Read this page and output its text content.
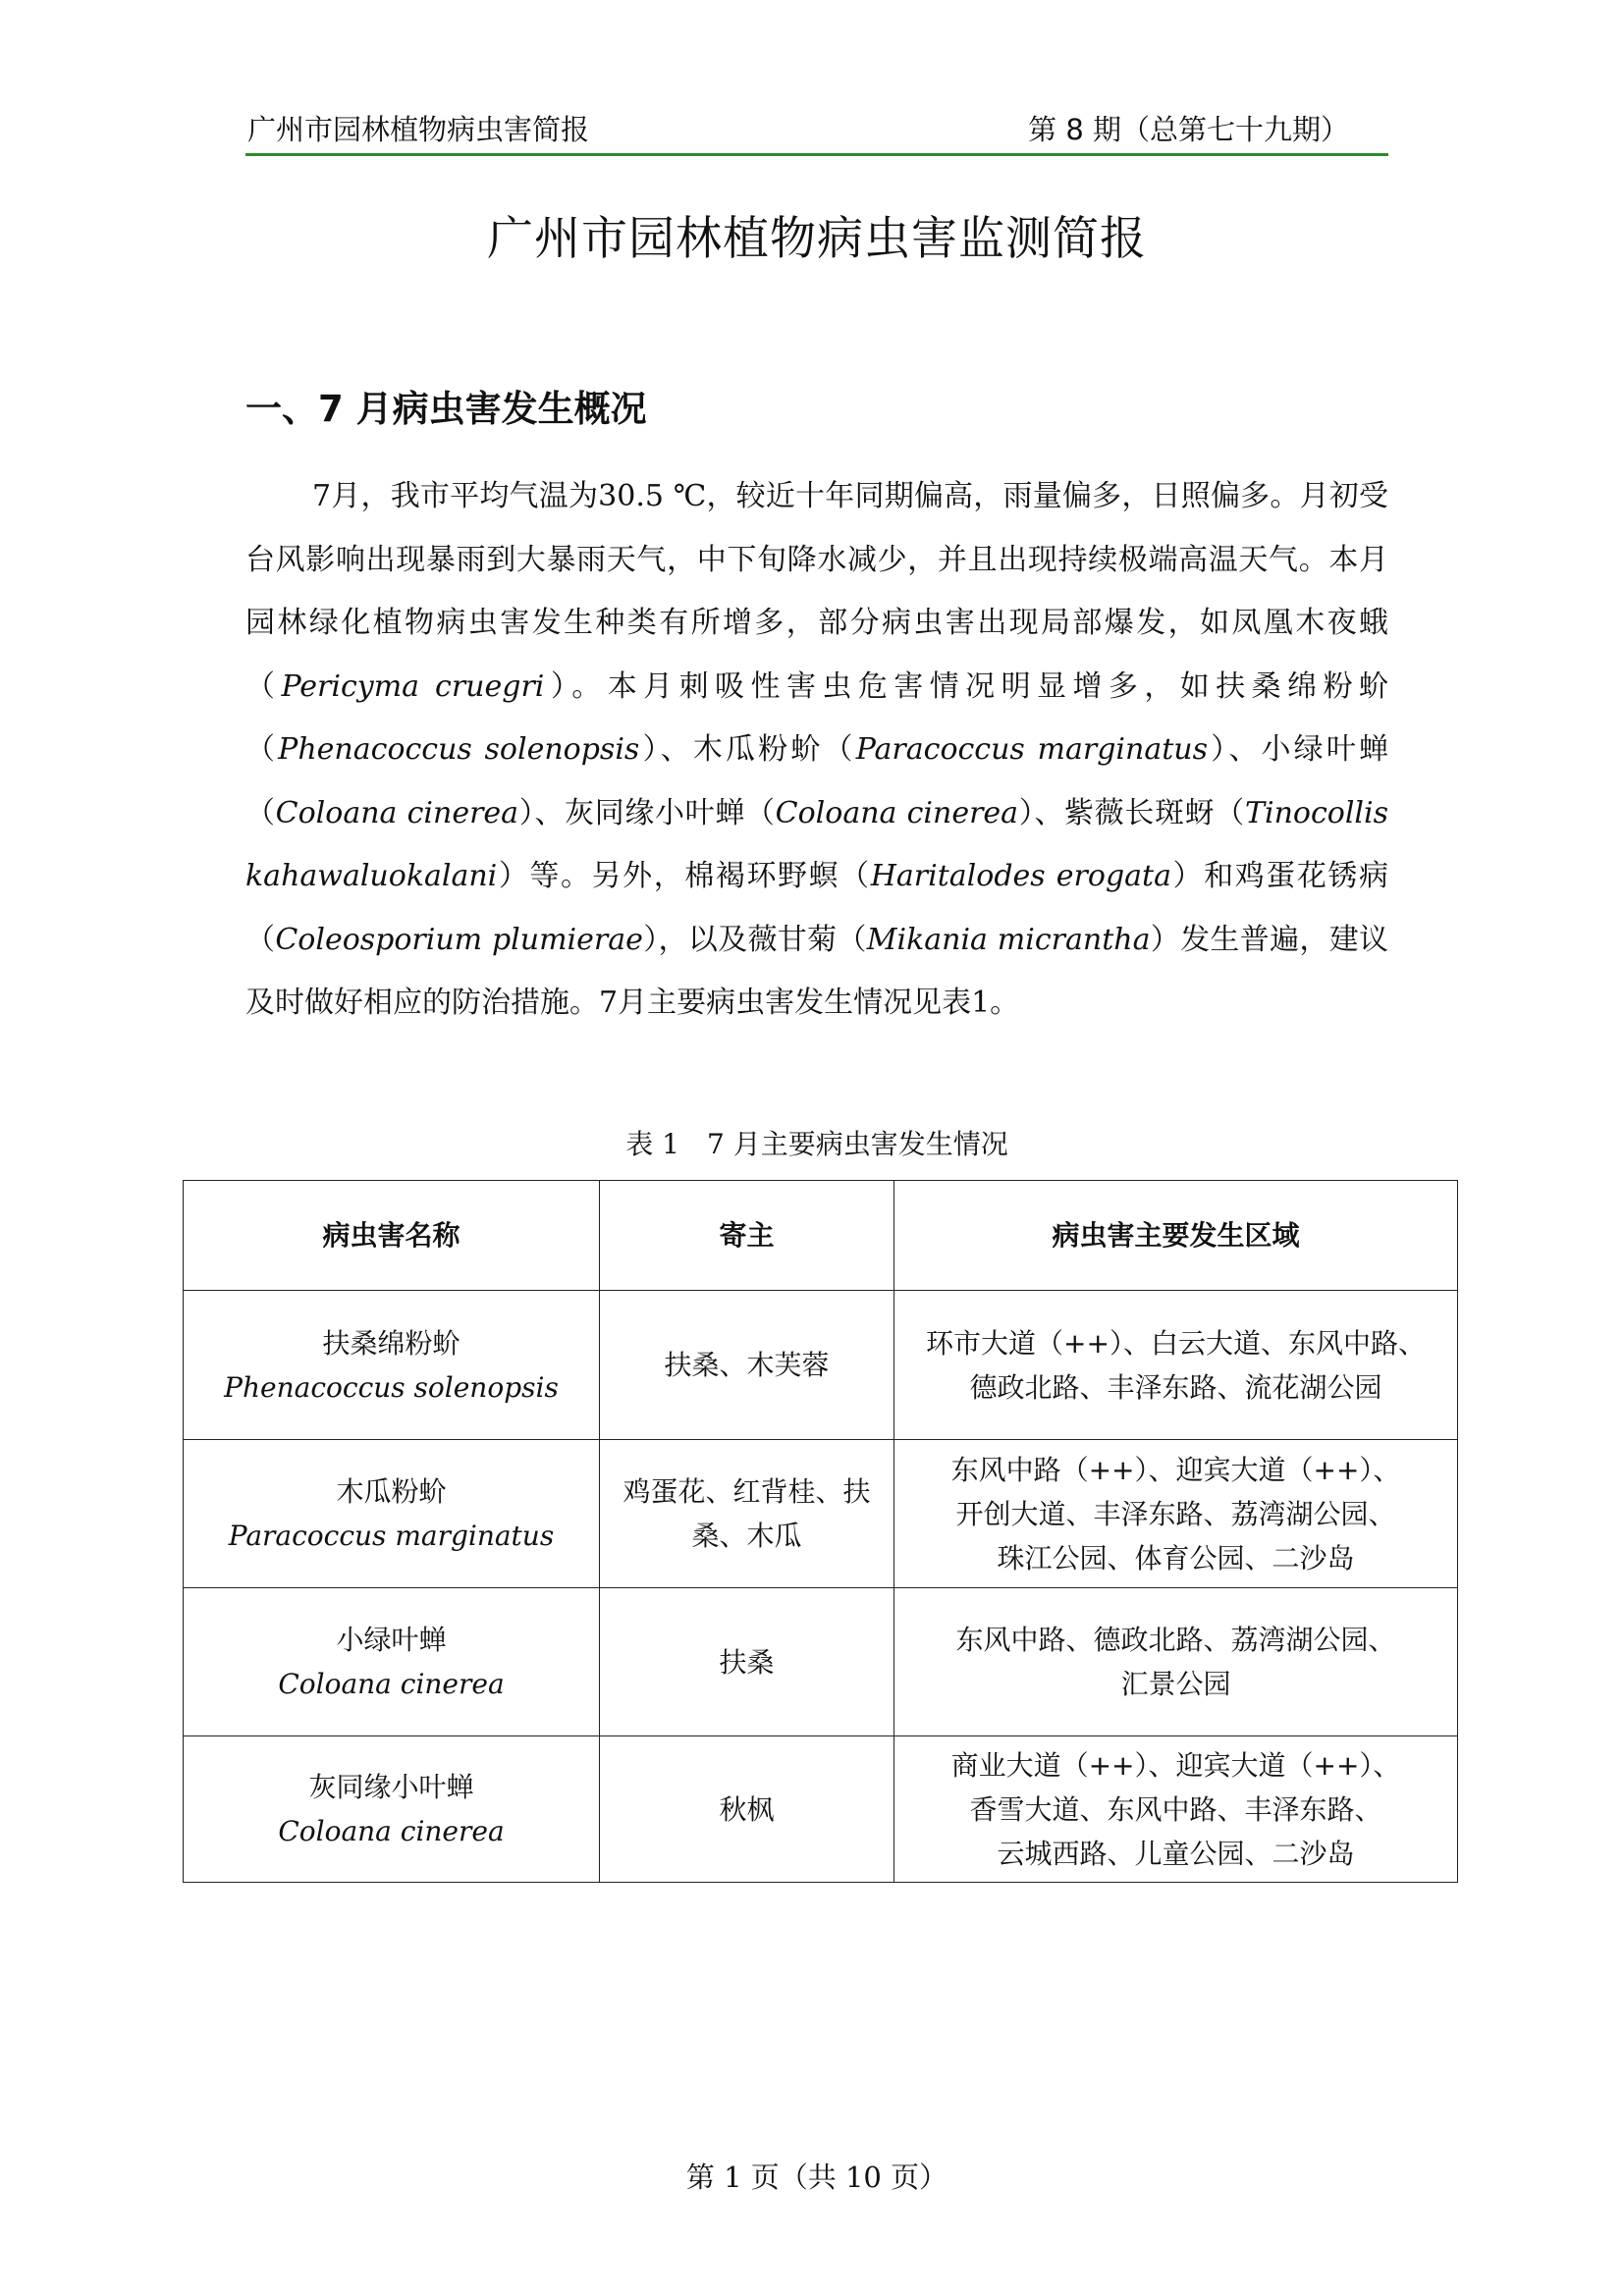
广州市园林植物病虫害简报	第 8 期（总第七十九期）
广州市园林植物病虫害监测简报
一、7 月病虫害发生概况

7月，我市平均气温为30.5 ℃，较近十年同期偏高，雨量偏多，日照偏多。月初受台风影响出现暴雨到大暴雨天气，中下旬降水减少，并且出现持续极端高温天气。本月园林绿化植物病虫害发生种类有所增多，部分病虫害出现局部爆发，如凤凰木夜蛾（Pericyma cruegri）。本月刺吸性害虫危害情况明显增多，如扶桑绵粉蚧（Phenacoccus solenopsis）、木瓜粉蚧（Paracoccus marginatus）、小绿叶蝉（Coloana cinerea）、灰同缘小叶蝉（Coloana cinerea）、紫薇长斑蚜（Tinocollis kahawaluokalani）等。另外，棉褐环野螟（Haritalodes erogata）和鸡蛋花锈病（Coleosporium plumierae），以及薇甘菊（Mikania micrantha）发生普遍，建议及时做好相应的防治措施。7月主要病虫害发生情况见表1。

表 1　7 月主要病虫害发生情况
病虫害名称	寄主	病虫害主要发生区域

扶桑绵粉蚧
Phenacoccus solenopsis	扶桑、木芙蓉	环市大道（++）、白云大道、东风中路、
德政北路、丰泽东路、流花湖公园

木瓜粉蚧
Paracoccus marginatus	鸡蛋花、红背桂、扶
桑、木瓜	东风中路（++）、迎宾大道（++）、
开创大道、丰泽东路、荔湾湖公园、
珠江公园、体育公园、二沙岛

小绿叶蝉
Coloana cinerea	扶桑	东风中路、德政北路、荔湾湖公园、
汇景公园

灰同缘小叶蝉
Coloana cinerea	秋枫	商业大道（++）、迎宾大道（++）、
香雪大道、东风中路、丰泽东路、
云城西路、儿童公园、二沙岛
第 1 页（共 10 页）
